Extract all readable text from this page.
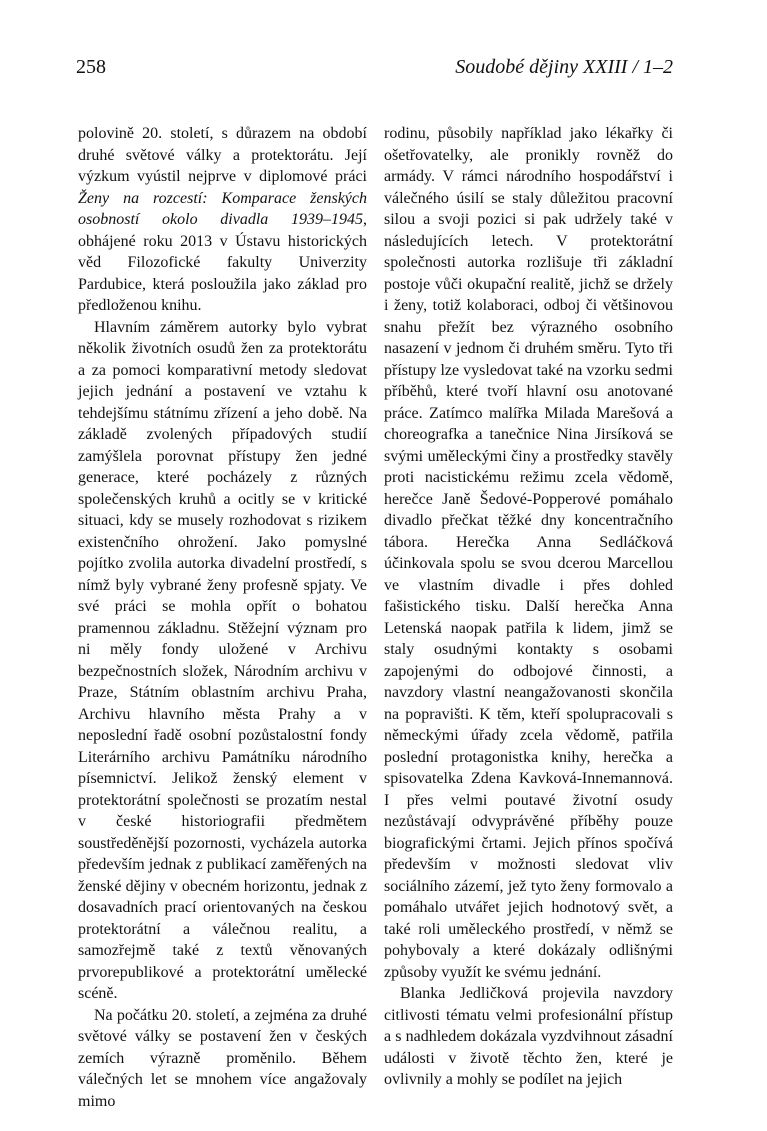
258	Soudobé dějiny XXIII / 1–2

polovině 20. století, s důrazem na období druhé světové války a protektorátu. Její výzkum vyústil nejprve v diplomové práci Ženy na rozcestí: Komparace ženských osobností okolo divadla 1939–1945, obhájené roku 2013 v Ústavu historických věd Filozofické fakulty Univerzity Pardubice, která posloužila jako základ pro předloženou knihu.

Hlavním záměrem autorky bylo vybrat několik životních osudů žen za protektorátu a za pomoci komparativní metody sledovat jejich jednání a postavení ve vztahu k tehdejšímu státnímu zřízení a jeho době. Na základě zvolených případových studií zamýšlela porovnat přístupy žen jedné generace, které pocházely z různých společenských kruhů a ocitly se v kritické situaci, kdy se musely rozhodovat s rizikem existenčního ohrožení. Jako pomyslné pojítko zvolila autorka divadelní prostředí, s nímž byly vybrané ženy profesně spjaty. Ve své práci se mohla opřít o bohatou pramennou základnu. Stěžejní význam pro ni měly fondy uložené v Archivu bezpečnostních složek, Národním archivu v Praze, Státním oblastním archivu Praha, Archivu hlavního města Prahy a v neposlední řadě osobní pozůstalostní fondy Literárního archivu Památníku národního písemnictví. Jelikož ženský element v protektorátní společnosti se prozatím nestal v české historiografii předmětem soustředěnější pozornosti, vycházela autorka především jednak z publikací zaměřených na ženské dějiny v obecném horizontu, jednak z dosavadních prací orientovaných na českou protektorátní a válečnou realitu, a samozřejmě také z textů věnovaných prvorepublikové a protektorátní umělecké scéně.

Na počátku 20. století, a zejména za druhé světové války se postavení žen v českých zemích výrazně proměnilo. Během válečných let se mnohem více angažovaly mimo

rodinu, působily například jako lékařky či ošetřovatelky, ale pronikly rovněž do armády. V rámci národního hospodářství i válečného úsilí se staly důležitou pracovní silou a svoji pozici si pak udržely také v následujících letech. V protektorátní společnosti autorka rozlišuje tři základní postoje vůči okupační realitě, jichž se držely i ženy, totiž kolaboraci, odboj či většinovou snahu přežít bez výrazného osobního nasazení v jednom či druhém směru. Tyto tři přístupy lze vysledovat také na vzorku sedmi příběhů, které tvoří hlavní osu anotované práce. Zatímco malířka Milada Marešová a choreografka a tanečnice Nina Jirsíková se svými uměleckými činy a prostředky stavěly proti nacistickému režimu zcela vědomě, herečce Janě Šedové-Popperové pomáhalo divadlo přečkat těžké dny koncentračního tábora. Herečka Anna Sedláčková účinkovala spolu se svou dcerou Marcellou ve vlastním divadle i přes dohled fašistického tisku. Další herečka Anna Letenská naopak patřila k lidem, jimž se staly osudnými kontakty s osobami zapojenými do odbojové činnosti, a navzdory vlastní neangažovanosti skončila na popravišti. K těm, kteří spolupracovali s německými úřady zcela vědomě, patřila poslední protagonistka knihy, herečka a spisovatelka Zdena Kavková-Innemannová. I přes velmi poutavé životní osudy nezůstávají odvyprávěné příběhy pouze biografickými črtami. Jejich přínos spočívá především v možnosti sledovat vliv sociálního zázemí, jež tyto ženy formovalo a pomáhalo utvářet jejich hodnotový svět, a také roli uměleckého prostředí, v němž se pohybovaly a které dokázaly odlišnými způsoby využít ke svému jednání.

Blanka Jedličková projevila navzdory citlivosti tématu velmi profesionální přístup a s nadhledem dokázala vyzdvihnout zásadní události v životě těchto žen, které je ovlivnily a mohly se podílet na jejich
